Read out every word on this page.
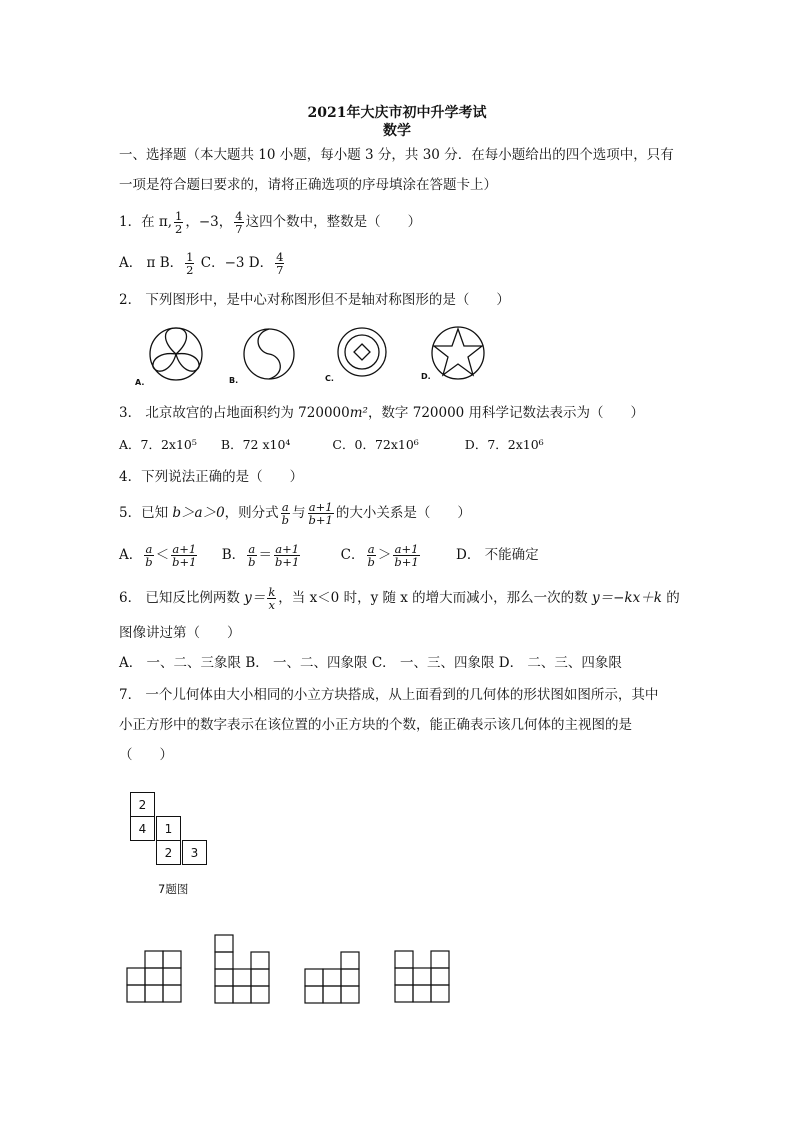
2021年大庆市初中升学考试
数学
一、选择题（本大题共 10 小题，每小题 3 分，共 30 分．在每小题给出的四个选项中，只有
一项是符合题曰要求的，请将正确选项的序母填涂在答题卡上）
1．在 π, $\frac{1}{2}$ ，−3， $\frac{4}{7}$ 这四个数中，整数是（　　）
A． π B． $\frac{1}{2}$ C．−3 D． $\frac{4}{7}$
2． 下列图形中，是中心对称图形但不是轴对称图形的是（　　）
A.	B.	C.	D.
3． 北京故宫的占地面积约为 720000m²，数字 720000 用科学记数法表示为（　　）
A．7．2x10⁵ B．72 x10⁴	C．0．72x10⁶	D．7．2x10⁶
4．下列说法正确的是（　　）
5．已知 b＞a＞0，则分式 $\frac{a}{b}$ 与 $\frac{a+1}{b+1}$ 的大小关系是（　　）
A． $\frac{a}{b} < \frac{a+1}{b+1}$ B． $\frac{a}{b} = \frac{a+1}{b+1}$	C． $\frac{a}{b} > \frac{a+1}{b+1}$	D． 不能确定
6． 已知反比例两数 $y= \frac{k}{x}$ ，当 x＜0 时，y 随 x 的增大而减小，那么一次的数 y＝−kx＋k 的
图像讲过第（　　）
A． 一、二、三象限 B． 一、二、四象限 C． 一、三、四象限 D． 二、三、四象限
7． 一个儿何体由大小相同的小立方块搭成，从上面看到的几何体的形状图如图所示，其中
小正方形中的数字表示在该位置的小正方块的个数，能正确表示该几何体的主视图的是
（　　）
2
4	1
2	3
7题图
